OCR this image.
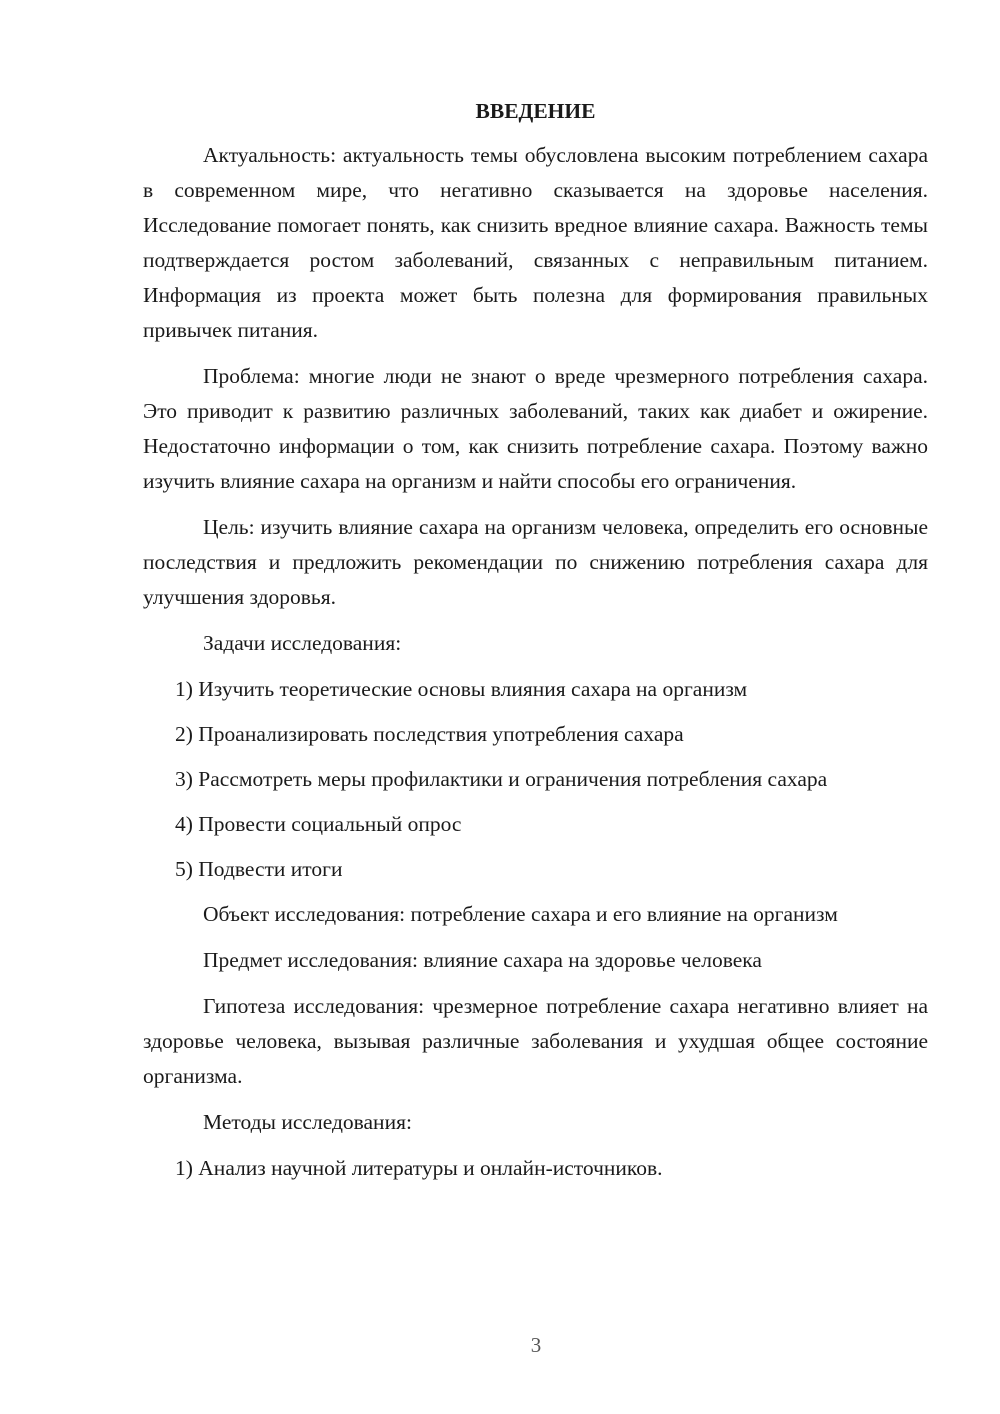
ВВЕДЕНИЕ

Актуальность: актуальность темы обусловлена высоким потреблением сахара в современном мире, что негативно сказывается на здоровье населения. Исследование помогает понять, как снизить вредное влияние сахара. Важность темы подтверждается ростом заболеваний, связанных с неправильным питанием. Информация из проекта может быть полезна для формирования правильных привычек питания.

Проблема: многие люди не знают о вреде чрезмерного потребления сахара. Это приводит к развитию различных заболеваний, таких как диабет и ожирение. Недостаточно информации о том, как снизить потребление сахара. Поэтому важно изучить влияние сахара на организм и найти способы его ограничения.

Цель: изучить влияние сахара на организм человека, определить его основные последствия и предложить рекомендации по снижению потребления сахара для улучшения здоровья.

Задачи исследования:

1) Изучить теоретические основы влияния сахара на организм

2) Проанализировать последствия употребления сахара

3) Рассмотреть меры профилактики и ограничения потребления сахара

4) Провести социальный опрос

5) Подвести итоги

Объект исследования: потребление сахара и его влияние на организм

Предмет исследования: влияние сахара на здоровье человека

Гипотеза исследования: чрезмерное потребление сахара негативно влияет на здоровье человека, вызывая различные заболевания и ухудшая общее состояние организма.

Методы исследования:

1) Анализ научной литературы и онлайн-источников.

3
